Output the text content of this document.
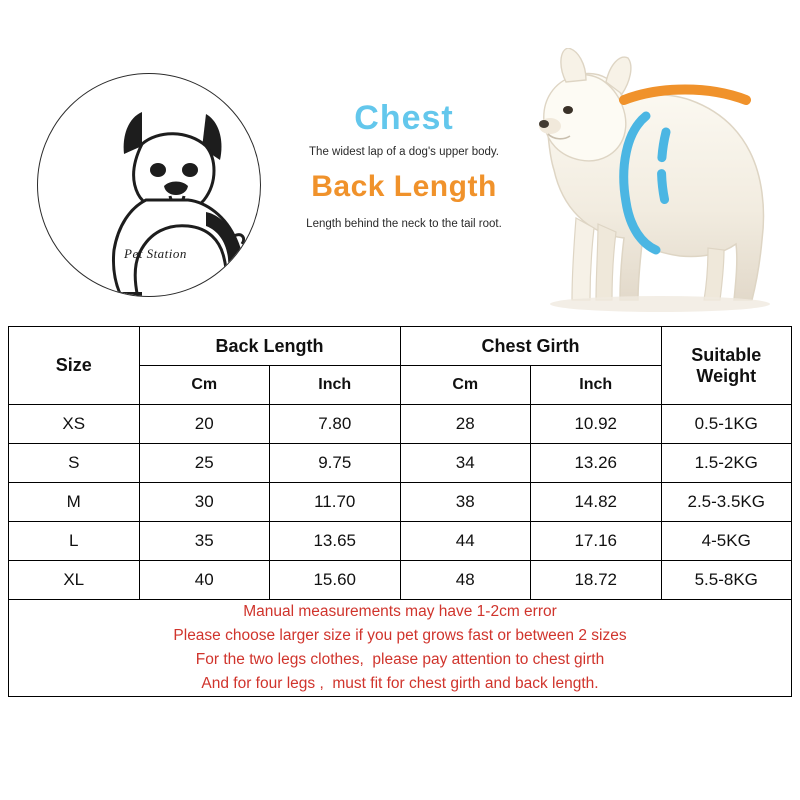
Pet Station
Chest
The widest lap of a dog's upper body.
Back Length
Length behind the neck to the tail root.
Size	Back Length		Chest Girth		Suitable Weight
	Cm	Inch	Cm	Inch	
XS	20	7.80	28	10.92	0.5-1KG
S	25	9.75	34	13.26	1.5-2KG
M	30	11.70	38	14.82	2.5-3.5KG
L	35	13.65	44	17.16	4-5KG
XL	40	15.60	48	18.72	5.5-8KG

Manual measurements may have 1-2cm error
Please choose larger size if you pet grows fast or between 2 sizes
For the two legs clothes,  please pay attention to chest girth
And for four legs ,  must fit for chest girth and back length.					
